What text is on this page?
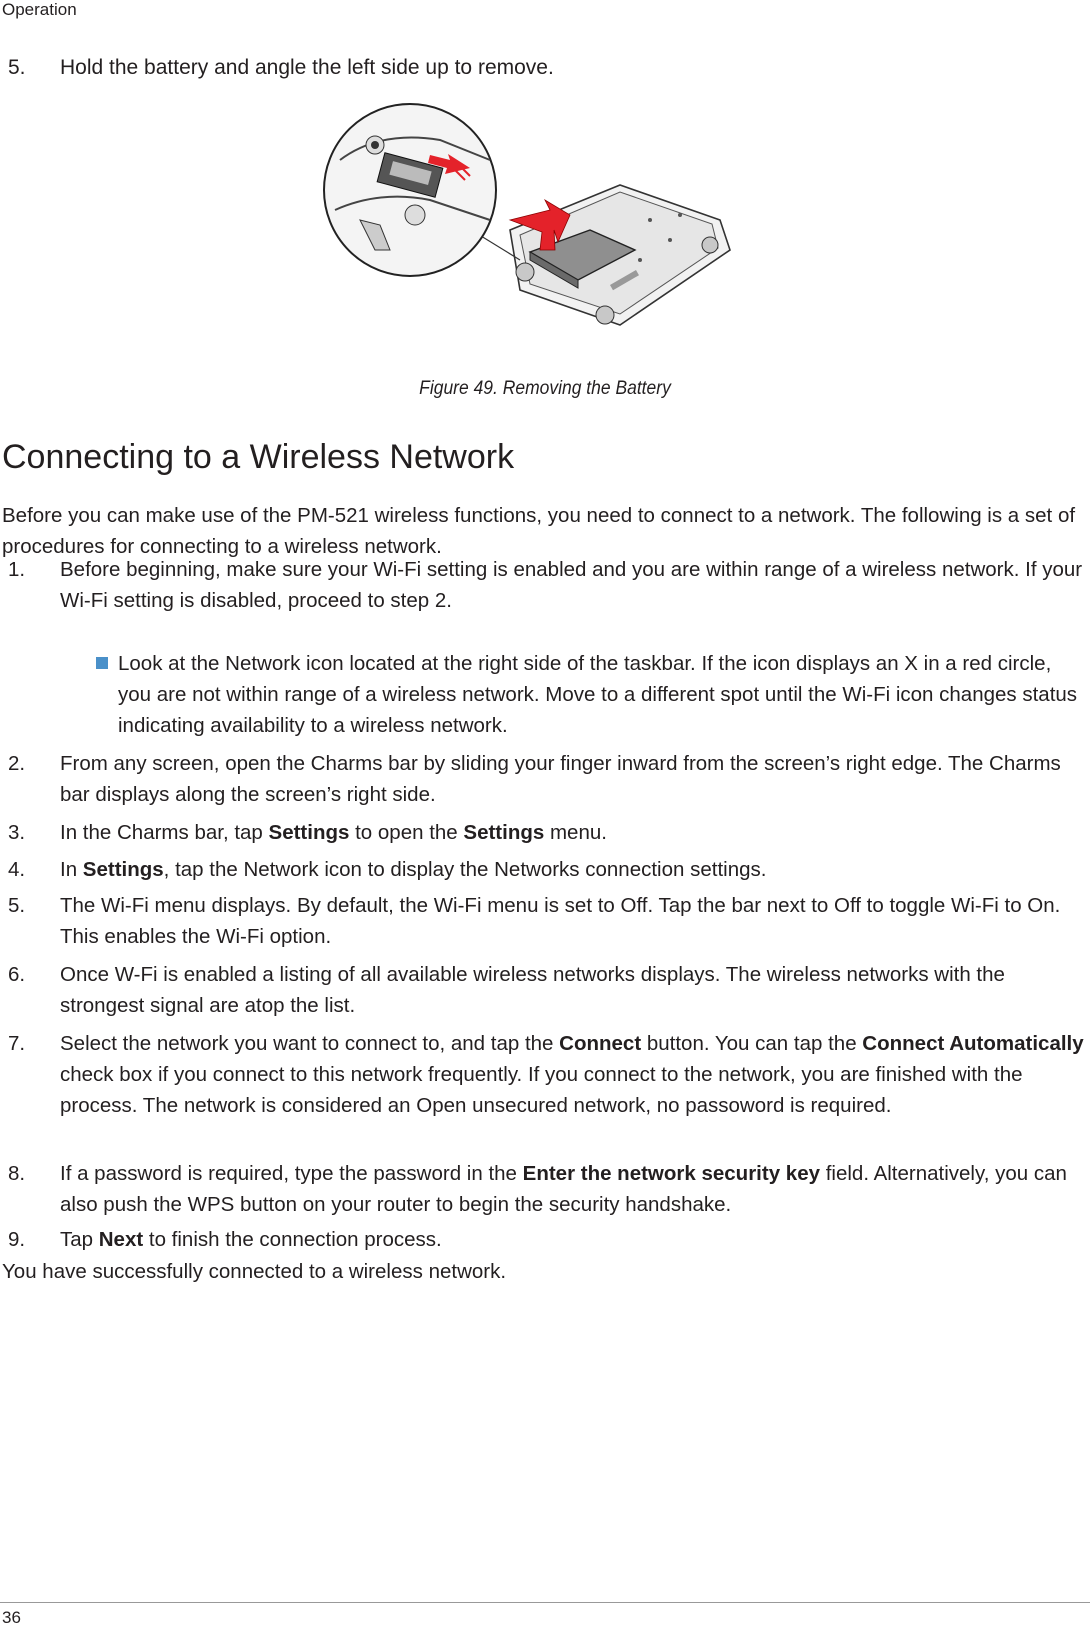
Operation
5. Hold the battery and angle the left side up to remove.
Figure 49. Removing the Battery
Connecting to a Wireless Network
Before you can make use of the PM-521 wireless functions, you need to connect to a network. The following is a set of procedures for connecting to a wireless network.
1.	Before beginning, make sure your Wi-Fi setting is enabled and you are within range of a wireless network. If your Wi-Fi setting is disabled, proceed to step 2.
Look at the Network icon located at the right side of the taskbar. If the icon displays an X in a red circle, you are not within range of a wireless network. Move to a different spot until the Wi-Fi icon changes status indicating availability to a wireless network.
2.	From any screen, open the Charms bar by sliding your finger inward from the screen’s right edge. The Charms bar displays along the screen’s right side.
3.	In the Charms bar, tap Settings to open the Settings menu.
4.	In Settings, tap the Network icon to display the Networks connection settings.
5.	The Wi-Fi menu displays. By default, the Wi-Fi menu is set to Off. Tap the bar next to Off to toggle Wi-Fi to On. This enables the Wi-Fi option.
6.	Once W-Fi is enabled a listing of all available wireless networks displays. The wireless networks with the strongest signal are atop the list.
7.	Select the network you want to connect to, and tap the Connect button. You can tap the Connect Automatically check box if you connect to this network frequently. If you connect to the network, you are finished with the process. The network is considered an Open unsecured network, no passoword is required.
8.	If a password is required, type the password in the Enter the network security key field. Alternatively, you can also push the WPS button on your router to begin the security handshake.
9.	Tap Next to finish the connection process.
You have successfully connected to a wireless network.
36
